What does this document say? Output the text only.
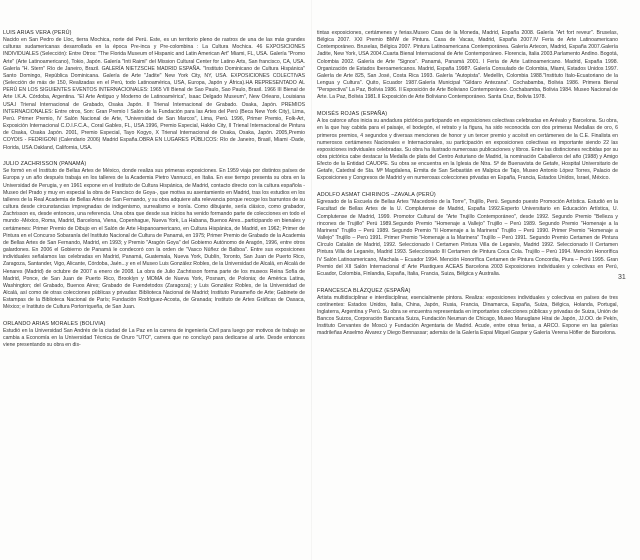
LUIS ARIAS VERA (PERÚ)
Nacido en San Pedro de Lloc, tierra Mochica, norte del Perú. Este, es un territorio pleno de rastros de una de las más grandes culturas sudamericanas desarrollada en la época Pre-inca y Pre-colombina : La Cultura Mochica. 46 EXPOSICIONES INDIVIDUALES (Selección): Entre Otros: "The Florida Museum of Hispanic and Latin American Art" Miami, FL, USA. Galería "Promo Arte" (Arte Latinoamericano), Tokio, Japón. Galería "Inti Raimi" del Mission Cultural Center for Latino Arts, San francisco, CA, USA. Galería "H. Stern" Río de Janeiro, Brazil. GALERÍA NIETZSCHE MADRID ESPAÑA. "Instituto Dominicano de Cultura Hispánica" Santo Domingo, República Dominicana. Galería de Arte "Jadite" New York City, NY, USA. EXPOSICIONES COLECTIVAS (Selección de más de 150, Realizadas en el Perú, todo Latinoamérica, USA, Europa, Japón y África).HA REPRESENTADO AL PERÚ EN LOS SIGUIENTES EVENTOS INTERNACIONALES: 1965 VII Bienal de Sao Paulo, Sao Paulo, Brasil. 1966 III Bienal de Arte I.K.A. Córdoba, Argentina. "El Arte Antiguo y Moderno de Latinoamérica", Isaac Delgado Museum", New Orleans, Louisiana USA.I Trienal Internacional de Grabado, Osaka Japón. II Trienal Internacional de Grabado. Osaka, Japón. PREMIOS INTERNACIONALES: Entre otros, Son: Gran Premio I Salón de la Fundación para las Artes del Perú (Beca New York City), Lima, Perú. Primer Premio, IV Salón Nacional de Arte, "Universidad de San Marcos", Lima, Perú. 1996, Primer Premio, Folk-Art, Exposición Internacional C.O.I.F.C.A., Coral Gables, FL, USA.1996, Premio Especial, Hakko City, II Trienal Internacional de Pintura de Osaka, Osaka Japón. 2001, Premio Especial, Tayo Kogyo, X Trienal Internacional de Osaka, Osaka, Japón. 2005,Premio COYDIS - FEDRIGONI (Calendario 2006) Madrid España.OBRA EN LUGARES PÚBLICOS: Río de Janeiro, Brasil, Miami -Dade, Florida, USA.Oakland, California, USA.
JULIO ZACHRISSON (PANAMÁ)
Se formó en el Instituto de Bellas Artes de México, donde realiza sus primeras exposiciones. En 1959 viaja por distintos países de Europa y un año después trabaja en los talleres de la Academia Pietro Vannucci, en Italia. En ese tiempo presenta su obra en la Universidad de Perugia, y en 1961 expone en el Instituto de Cultura Hispánica, de Madrid, contacto directo con la cultura española - Museo del Prado y muy en especial la obra de Francisco de Goya-, que motiva su asentamiento en Madrid, tras los estudios en los talleres de la Real Academia de Bellas Artes de San Fernando, y su obra adquiere alta relevancia porque recoge los barruntos de su cultura desde circunstancias impregnadas de indigenismo, surrealismo e ironía. Como dibujante, sería clásico, como grabador, Zachrisson es, desde entonces, una referencia. Una obra que desde sus inicios ha venido formando parte de colecciones en todo el mundo -México, Roma, Madrid, Barcelona, Viena, Copenhague, Nueva York, La Habana, Buenos Aires...participando en bienales y certámenes: Primer Premio de Dibujo en el Salón de Arte Hispanoamericano, en Cultura Hispánica, de Madrid, en 1962; Primer de Pintura en el Concurso Sobaranía del Instituto Nacional de Cultura de Panamá, en 1975; Primer Premio de Grabado de la Academia de Bellas Artes de San Fernando, Madrid, en 1993; y Premio "Aragón Goya" del Gobierno Autónomo de Aragón, 1996, entre otros galardones. En 2006 el Gobierno de Panamá le condecoró con la orden de "Vasco Núñez de Balboa". Entre sus exposiciones individuales señalamos las celebradas en Madrid, Panamá, Guatemala, Nueva York, Dublín, Toronto, San Juan de Puerto Rico, Zaragoza, Santander, Vigo, Alicante, Córdoba, Jaén...y en el Museo Luis González Robles, de la Universidad de Alcalá, en Alcalá de Henares (Madrid) de octubre de 2007 a enero de 2008. La obra de Julio Zachrisson forma parte de los museos Reina Sofía de Madrid, Ponce, de San Juan de Puerto Rico, Brooklyn y MOMA de Nueva York, Posnam, de Polonia; de América Latina, Washington; del Grabado, Buenos Aires; Grabado de Fuendetodos (Zaragoza); y Luis González Robles, de la Universidad de Alcalá, así como de otras colecciones públicas y privadas: Biblioteca Nacional de Madrid; Instituto Panameño de Arte; Gabinete de Estampas de la Biblioteca Nacional de París; Fundación Rodríguez-Acosta, de Granada; Instituto de Artes Gráficas de Oaxaca, México; e Instituto de Cultura Portorriqueña, de San Juan.
ORLANDO ARIAS MORALES (BOLIVIA)
Estudió en la Universidad San Andrés de la ciudad de La Paz en la carrera de ingeniería Civil para luego por motivos de trabajo se cambia a Economía en la Universidad Técnica de Oruro "UTO", carrera que no concluyó para dedicarse al arte. Desde entonces viene presentando su obra en dis-
tintas exposiciones, certámenes y ferias.Museo Casa de la Moneda, Madrid, España 2008. Galería "Art fort reveur". Bruselas, Bélgica 2007. XXI Premio BMW de Pintura. Casa de Vacas, Madrid, España 2007.IV Feria de Arte Latinoamericano Contemporáneo. Bruselas, Bélgica 2007. Pintura Latinoamericana Contemporánea. Galería Artecon, Madrid, España 2007.Galería Jadite, New York, USA 2004.Cuarta Bienal Internacional de Arte Contemporáneo. Florencia, Italia 2003.Parlamento Andino. Bogotá, Colombia 2002. Galería de Arte "Signos". Panamá, Panamá 2001. I Feria de Arte Latinoamericano. Madrid, España 1998. Organización de Estados Iberoamericanos. Madrid, España 1998?. Galería Consulado de Colombia, Miami, Estados Unidos 1997. Galería de Arte 825, San José, Costa Rica 1993. Galería "Autopista". Medellín, Colombia 1988."Instituto Italo-Ecuatoriano de la Lengua y Cultura". Quito, Ecuador 1987.Galería Municipal "Gildaro Antezana". Cochabamba, Bolivia 1986. Primera Bienal "Perspectiva" La Paz, Bolivia 1986. II Exposición de Arte Boliviano Contemporáneo. Cochabamba, Bolivia 1984. Museo Nacional de Arte. La Paz, Bolivia 1981.II Exposición de Arte Boliviano Contemporáneo. Santa Cruz, Bolivia 1978.
MOISÉS ROJAS (ESPAÑA)
A los catorce años inicia su andadura pictórica participando en exposiciones colectivas celebradas en Arévalo y Barcelona. Su obra, en la que hay cabida para el paisaje, el bodegón, el retrato y la figura, ha sido reconocida con dos primeras Medallas de oro, 6 primeros premios, 4 segundos y diversas menciones de honor y un tercer premio y accésit en certámenes de la C.E. Finalista en numerosos certámenes Nacionales e Internacionales, su participación en exposiciones colectivas es importante siendo 22 las exposiciones individuales celebradas. Su obra ha ilustrado numerosas publicaciones y libros. Entre las distinciones recibidas por su obra pictórica cabe destacar la Medalla de plata del Centro Asturiano de Madrid, la nominación Caballeros del año (1988) y Amigo Efecto de la Entidad CAUOPE. Su obra se encuentra en la Iglesia de Ntra. Sª de Buenavista de Getafe, Hospital Universitario de Getafe, Catedral de Sta. Mª Magdalena, Ermita de San Sebastián en Malpica de Tajo, Museo Antonio López Torres, Palacio de Exposiciones y Congresos de Madrid y en numerosas colecciones privadas en España, Francia, Estados Unidos, Israel, México.
ADOLFO ASMAT CHIRINOS –ZAVALA (PERÚ)
Egresado de la Escuela de Bellas Artes "Macedonio de la Torre", Trujillo, Perú. Segundo puesto Promoción Artística. Estudió en la Facultad de Bellas Artes de la U. Complutense de Madrid, España 1992.Experto Universitario en Educación Artística, U. Complutense de Madrid, 1999. Promotor Cultural de "Arte Trujillo Contemporáneo", desde 1992. Segundo Premio "Belleza y rincones de Trujillo" Perú 1989.Segundo Premio "Homenaje a Vallejo" Trujillo – Perú 1989. Segundo Premio "Homenaje a la Marinera" Trujillo – Perú 1989. Segundo Premio "II Homenaje a la Marinera" Trujillo – Perú 1990. Primer Premio "Homenaje a Vallejo" Trujillo – Perú 1991. Primer Premio "Homenaje a la Marinera" Trujillo – Perú 1991. Segundo Premio Certamen de Pintura Círculo Catalán de Madrid, 1992. Seleccionado I Certamen Pintura Villa de Leganés, Madrid 1992. Seleccionado II Certamen Pintura Villa de Leganés, Madrid 1993. Seleccionado III Certamen de Pintura Coca Cola. Trujillo – Perú 1994. Mención Honorífica IV Salón Latinoamericano, Machala – Ecuador 1994. Mención Honorífica Certamen de Pintura Concordia, Piura – Perú 1995. Gran Premio del XII Salón Internacional d' Arte Plastiques ACEAS Barcelona 2003 Exposiciones individuales y colectivas en Perú, Ecuador, Colombia, Finlandia, España, Italia, Francia, Suiza, Bélgica y Australia.
FRANCESCA BLÁZQUEZ (ESPAÑA)
Artista multidisciplinar e interdisciplinar, esencialmente pintora. Realiza: exposiciones individuales y colectivas en países de tres continentes: Estados Unidos, Italia, China, Japón, Rusia, Francia, Dinamarca, España, Suiza, Bélgica, Holanda, Portugal, Inglaterra, Argentina y Perú. Su obra se encuentra representada en importantes colecciones públicas y privadas de Suiza, Unión de Bancos Suizos, Corporación Bancaria Suiza, Fundación Neuman de Chicago, Museo Manuglane Hirai de Japón, JJ.OO. de Pekín, Instituto Cervantes de Moscú y Fundación Argentaria de Madrid. Acude, entre otras ferias, a ARCO. Expone en las galerías madrileñas Anselmo Álvarez y Diego Bennassar; además de la Galería Espai Miquel Gaspar y Galería Verena Höfler de Barcelona.
31
